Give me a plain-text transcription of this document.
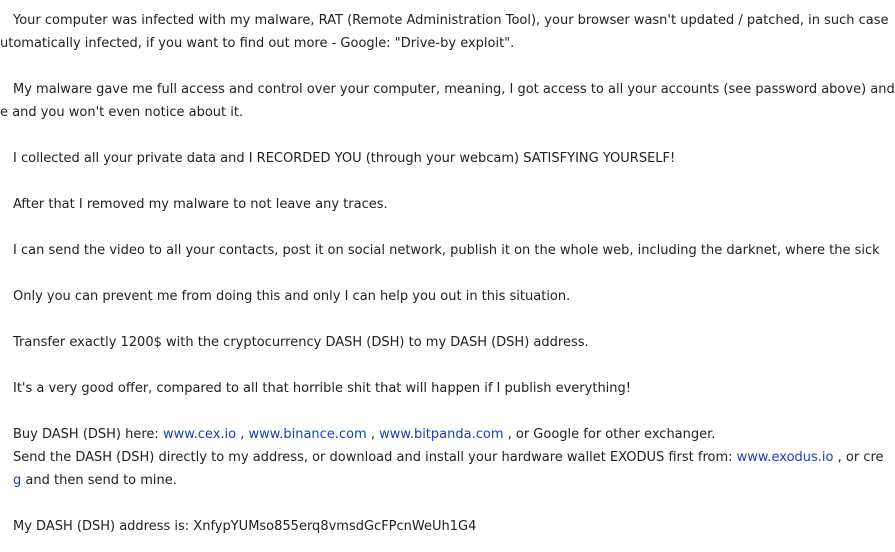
Your computer was infected with my malware, RAT (Remote Administration Tool), your browser wasn't updated / patched, in such case
utomatically infected, if you want to find out more - Google: "Drive-by exploit".
My malware gave me full access and control over your computer, meaning, I got access to all your accounts (see password above) and
e and you won't even notice about it.
I collected all your private data and I RECORDED YOU (through your webcam) SATISFYING YOURSELF!
After that I removed my malware to not leave any traces.
I can send the video to all your contacts, post it on social network, publish it on the whole web, including the darknet, where the sick
Only you can prevent me from doing this and only I can help you out in this situation.
Transfer exactly 1200$ with the cryptocurrency DASH (DSH) to my DASH (DSH) address.
It's a very good offer, compared to all that horrible shit that will happen if I publish everything!
Buy DASH (DSH) here: www.cex.io , www.binance.com , www.bitpanda.com , or Google for other exchanger.
Send the DASH (DSH) directly to my address, or download and install your hardware wallet EXODUS first from: www.exodus.io , or cre
g and then send to mine.
My DASH (DSH) address is: XnfypYUMso855erq8vmsdGcFPcnWeUh1G4
